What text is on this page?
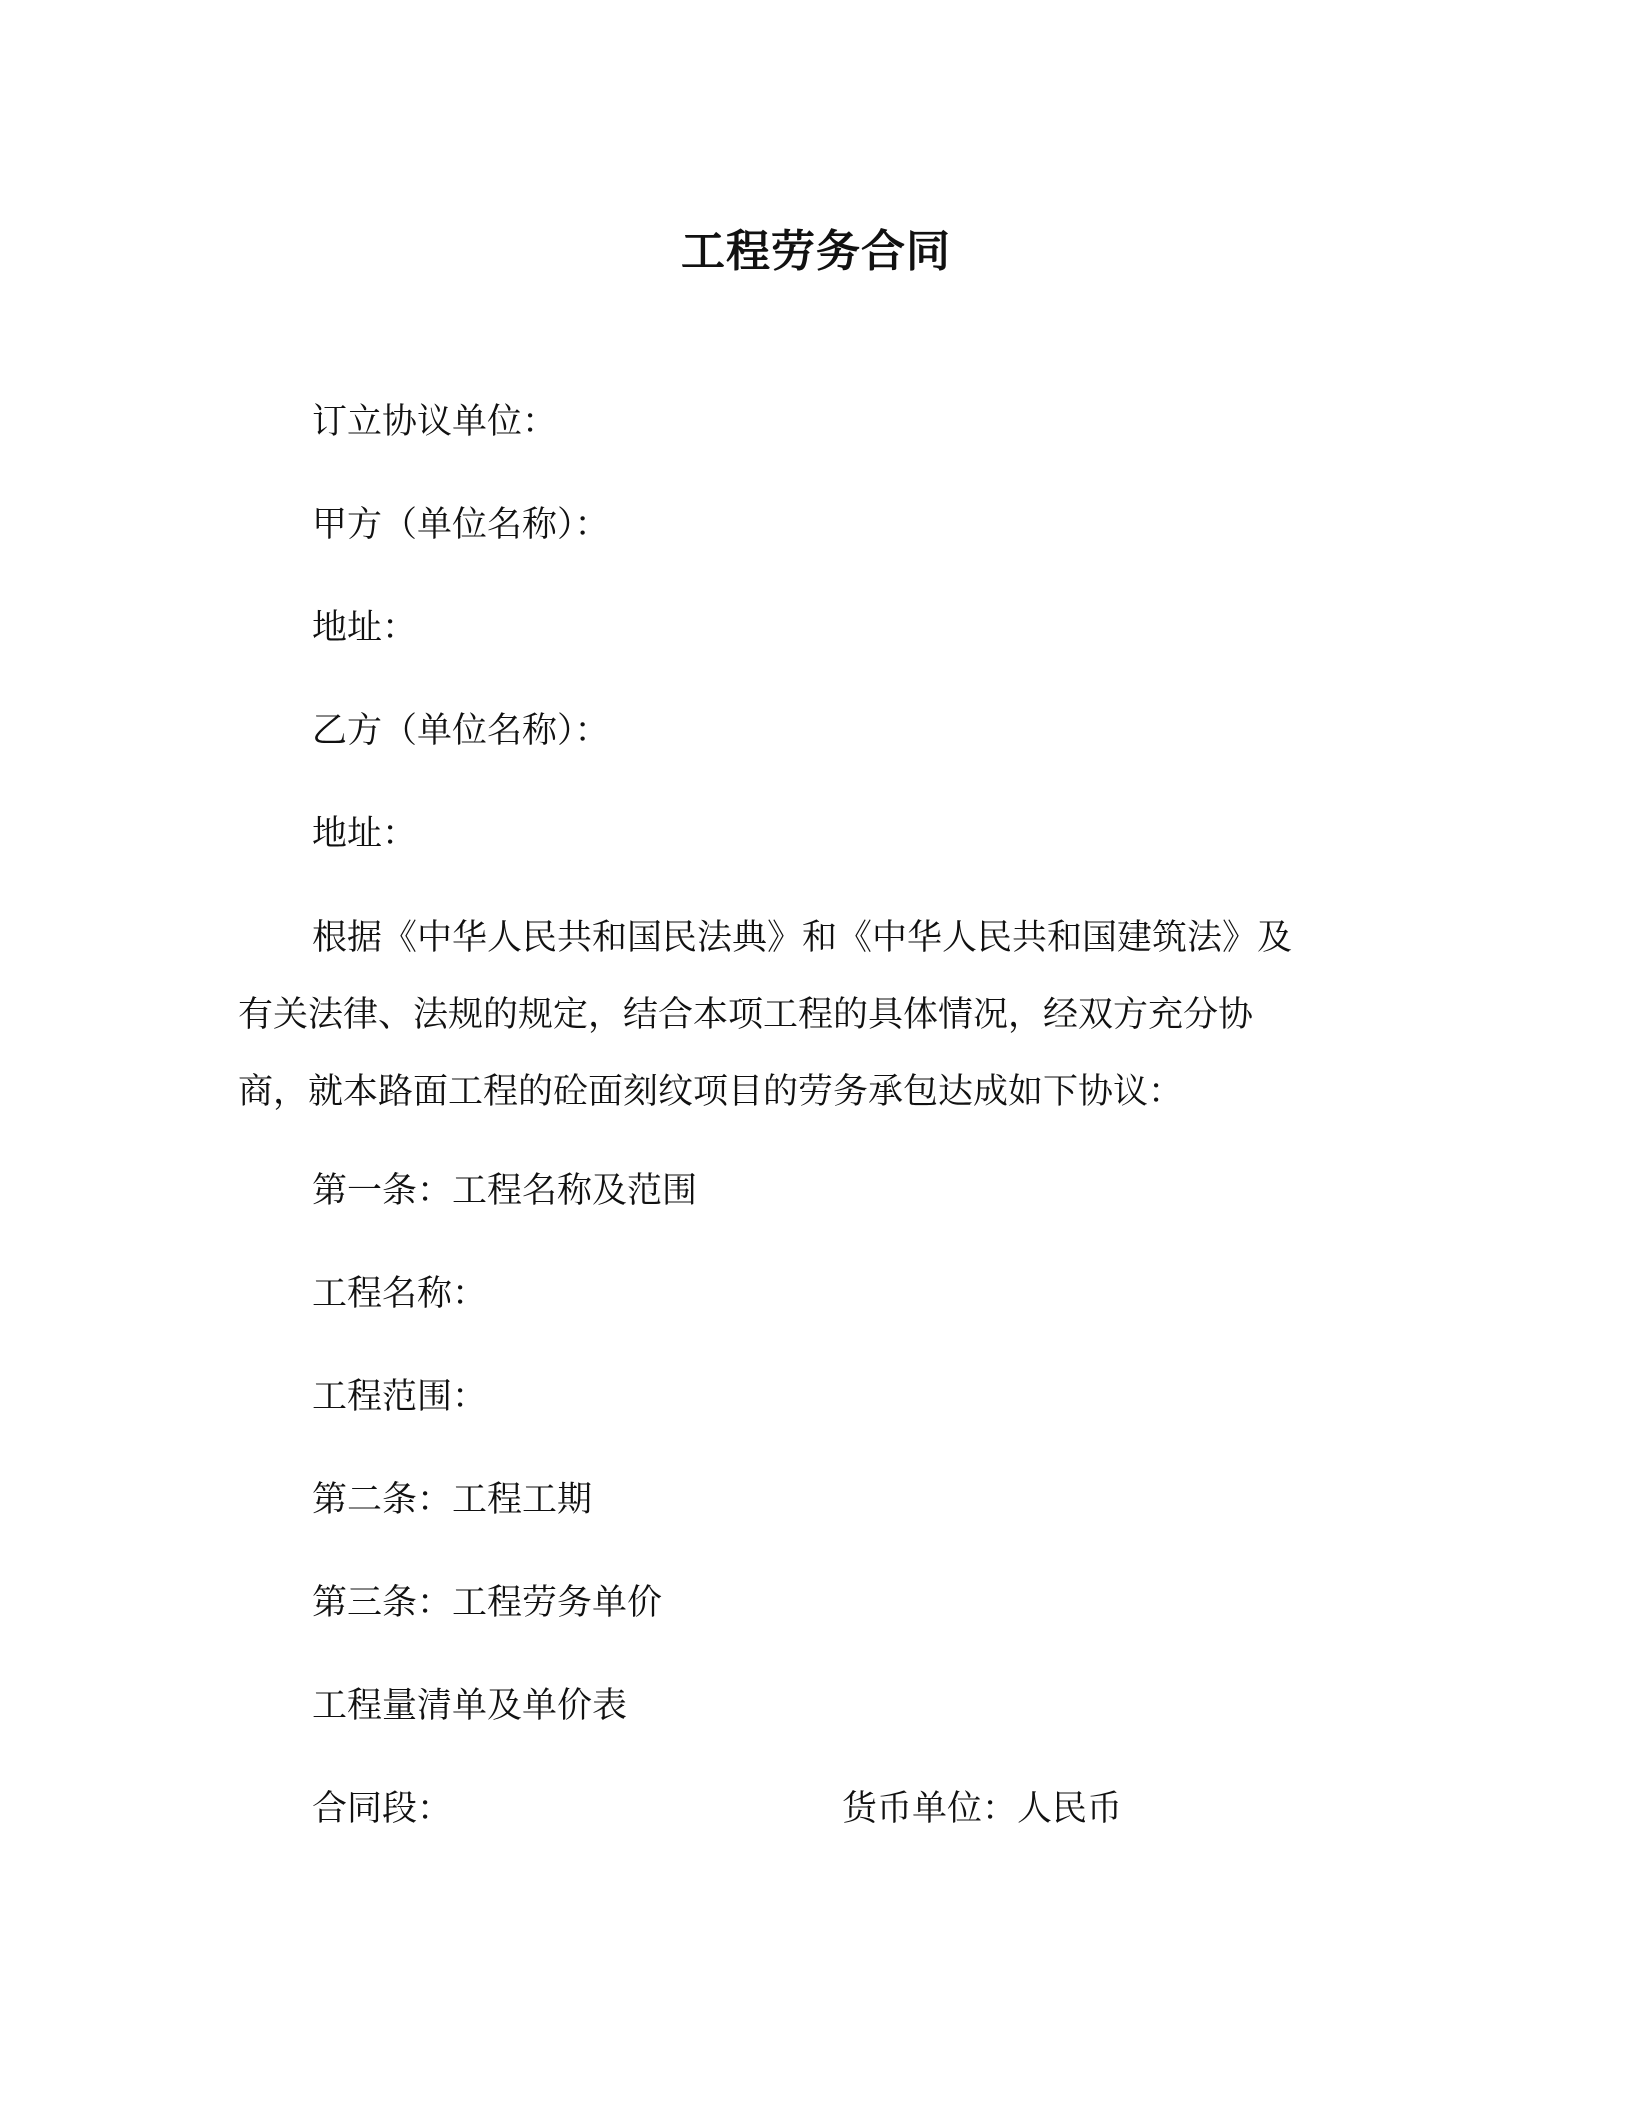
工程劳务合同
订立协议单位：
甲方（单位名称）：
地址：
乙方（单位名称）：
地址：
根据《中华人民共和国民法典》和《中华人民共和国建筑法》及
有关法律、法规的规定，结合本项工程的具体情况，经双方充分协
商，就本路面工程的砼面刻纹项目的劳务承包达成如下协议：
第一条：工程名称及范围
工程名称：
工程范围：
第二条：工程工期
第三条：工程劳务单价
工程量清单及单价表
合同段：	货币单位：人民币
